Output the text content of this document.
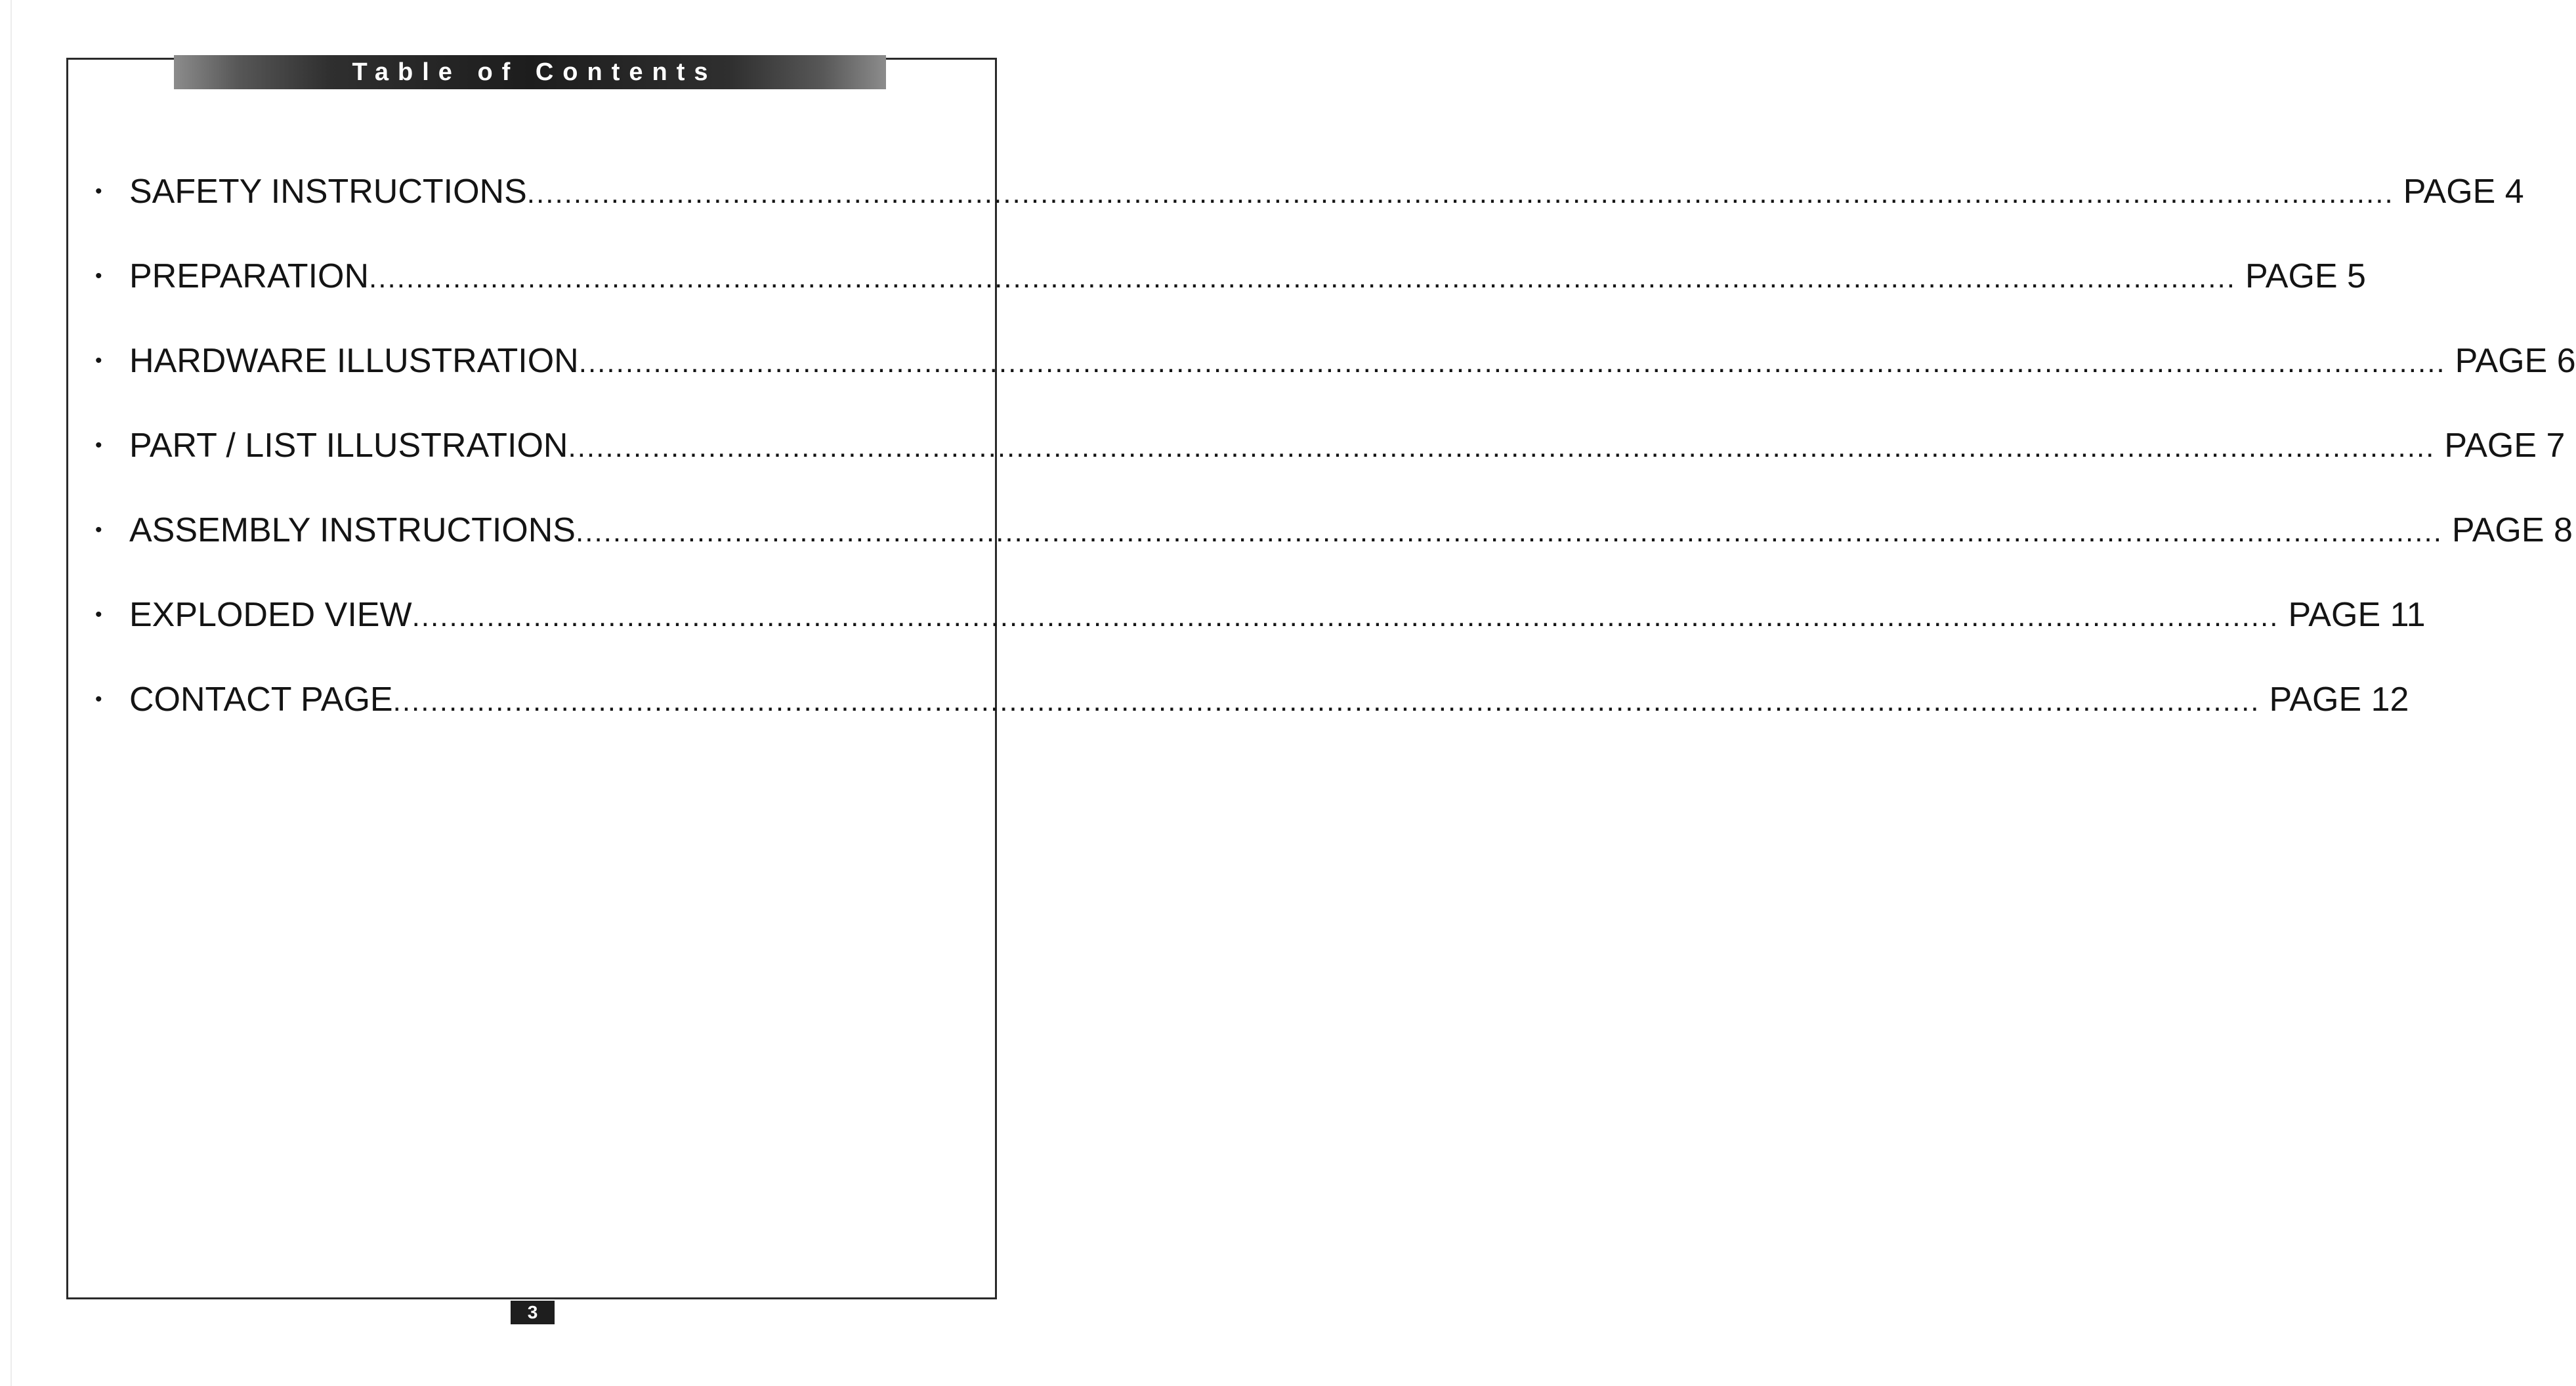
Table of Contents
• SAFETY INSTRUCTIONS ........................................................................................................................................................................................................ PAGE 4
• PREPARATION ........................................................................................................................................................................................................ PAGE 5
• HARDWARE ILLUSTRATION ........................................................................................................................................................................................................ PAGE 6
• PART / LIST ILLUSTRATION ........................................................................................................................................................................................................ PAGE 7
• ASSEMBLY INSTRUCTIONS ........................................................................................................................................................................................................ PAGE 8
• EXPLODED VIEW ........................................................................................................................................................................................................ PAGE 11
• CONTACT PAGE ........................................................................................................................................................................................................ PAGE 12
3
